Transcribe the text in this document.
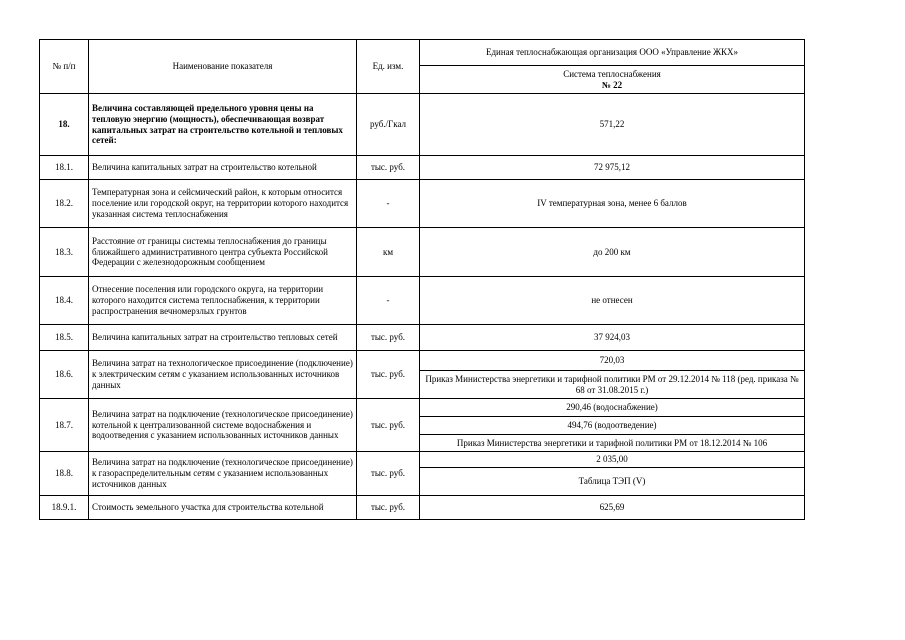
№ п/п	Наименование показателя	Ед. изм.	Единая теплоснабжающая организация ООО «Управление ЖКХ»

			Система теплоснабжения
№ 22

18.	Величина составляющей предельного уровня цены на тепловую энергию (мощность), обеспечивающая возврат капитальных затрат на строительство котельной и тепловых сетей:	руб./Гкал	571,22
18.1.	Величина капитальных затрат на строительство котельной	тыс. руб.	72 975,12
18.2.	Температурная зона и сейсмический район, к которым относится поселение или городской округ, на территории которого находится указанная система теплоснабжения	-	IV температурная зона, менее 6 баллов
18.3.	Расстояние от границы системы теплоснабжения до границы ближайшего административного центра субъекта Российской Федерации с железнодорожным сообщением	км	до 200 км
18.4.	Отнесение поселения или городского округа, на территории которого находится система теплоснабжения, к территории распространения вечномерзлых грунтов	-	не отнесен
18.5.	Величина капитальных затрат на строительство тепловых сетей	тыс. руб.	37 924,03
18.6.	Величина затрат на технологическое присоединение (подключение) к электрическим сетям с указанием использованных источников данных	тыс. руб.	720,03
			Приказ Министерства энергетики и тарифной политики РМ от 29.12.2014 № 118 (ред. приказа № 68 от 31.08.2015 г.)
18.7.	Величина затрат на подключение (технологическое присоединение) котельной к централизованной системе водоснабжения и водоотведения с указанием использованных источников данных	тыс. руб.	290,46 (водоснабжение)
			494,76 (водоотведение)
			Приказ Министерства энергетики и тарифной политики РМ от 18.12.2014 № 106
18.8.	Величина затрат на подключение (технологическое присоединение) к газораспределительным сетям с указанием использованных источников данных	тыс. руб.	2 035,00
			Таблица ТЭП (V)
18.9.1.	Стоимость земельного участка для строительства котельной	тыс. руб.	625,69
